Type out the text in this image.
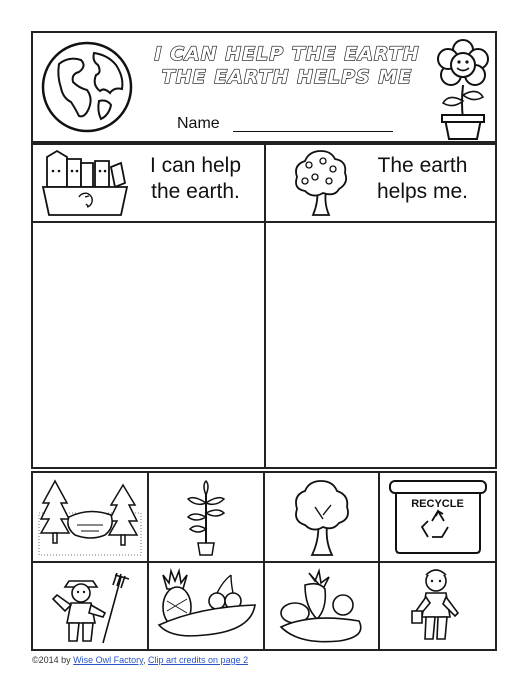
I CAN HELP THE EARTH
THE EARTH HELPS ME
Name
I can help
the earth.
The earth
helps me.
RECYCLE
©2014 by Wise Owl Factory, Clip art credits on page 2
